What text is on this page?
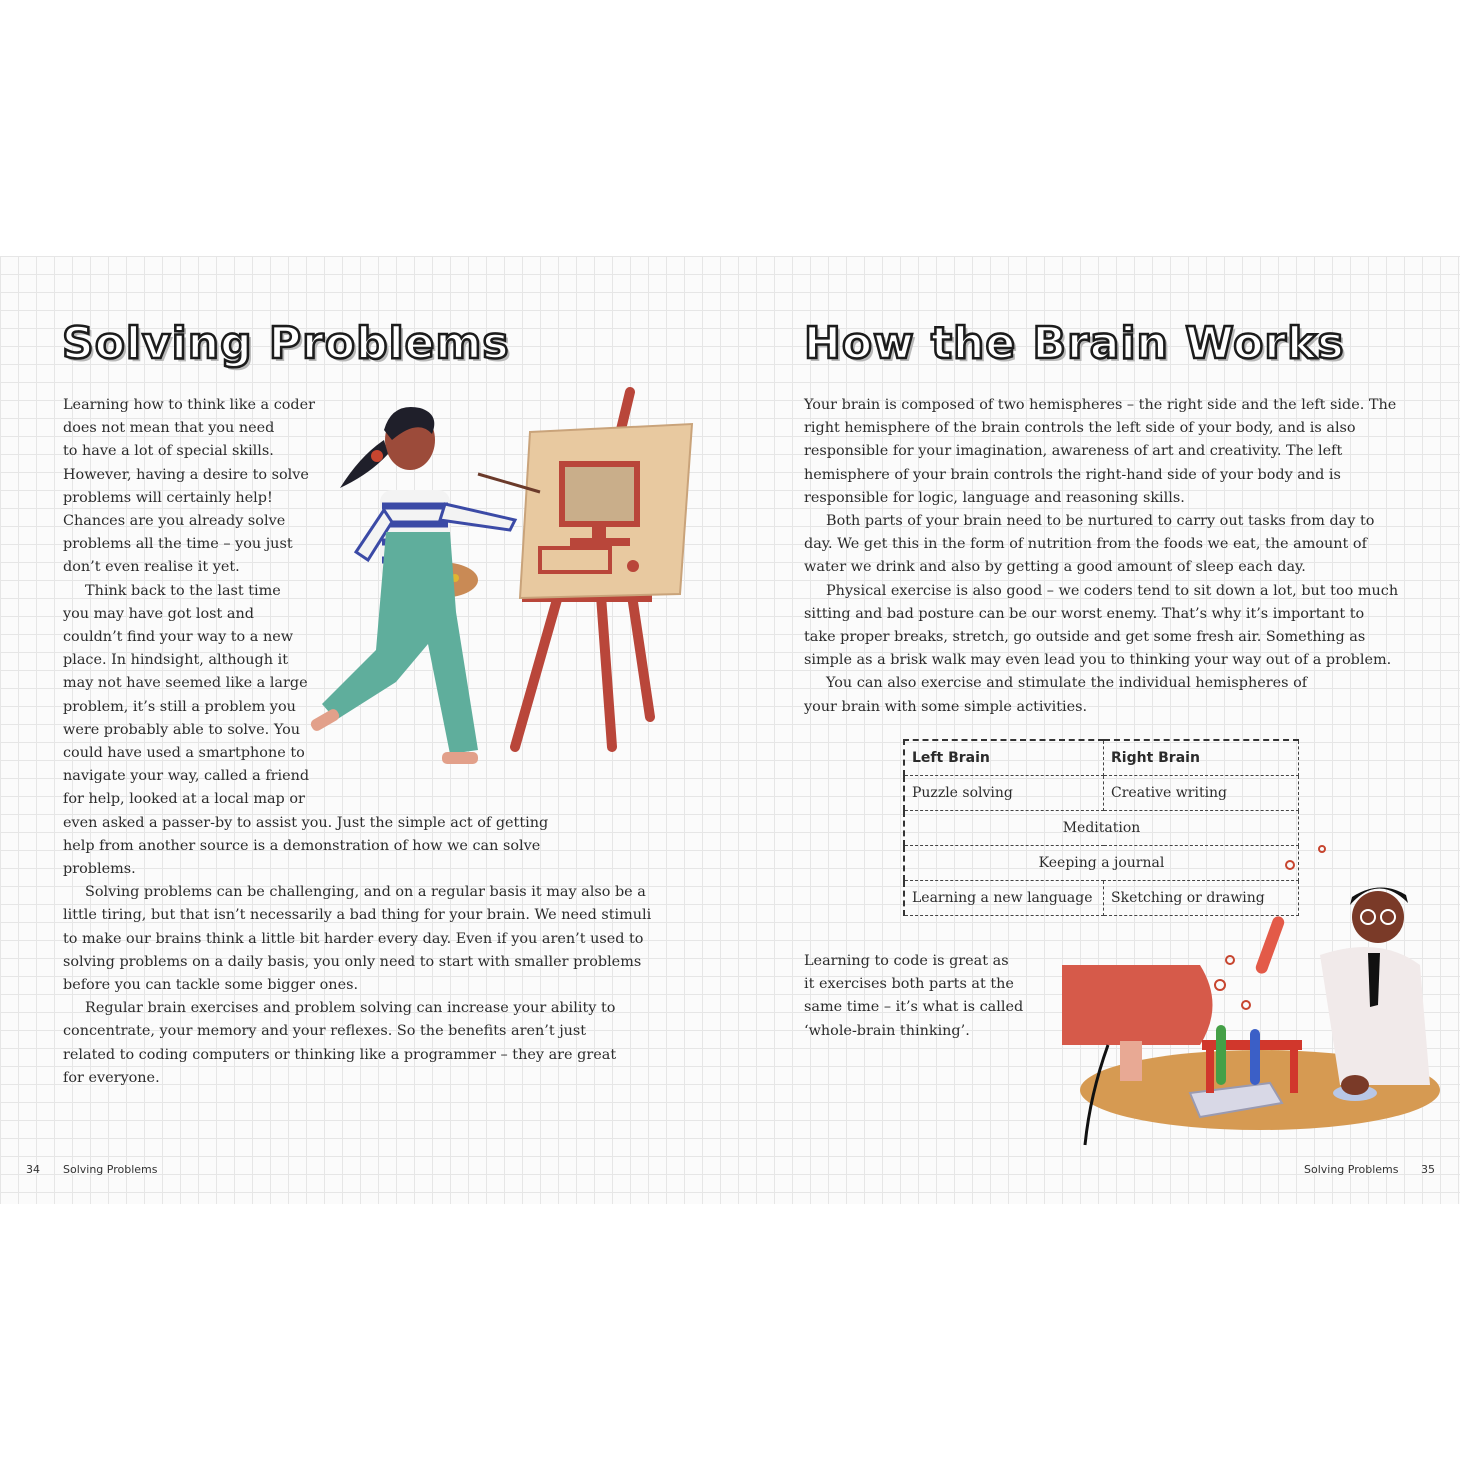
Solving Problems

Learning how to think like a coder
does not mean that you need
to have a lot of special skills.
However, having a desire to solve
problems will certainly help!
Chances are you already solve
problems all the time – you just
don’t even realise it yet.

Think back to the last time
you may have got lost and
couldn’t find your way to a new
place. In hindsight, although it
may not have seemed like a large
problem, it’s still a problem you
were probably able to solve. You
could have used a smartphone to
navigate your way, called a friend
for help, looked at a local map or
even asked a passer-by to assist you. Just the simple act of getting help from another source is a demonstration of how we can solve problems.

Solving problems can be challenging, and on a regular basis it may also be a little tiring, but that isn’t necessarily a bad thing for your brain. We need stimuli to make our brains think a little bit harder every day. Even if you aren’t used to solving problems on a daily basis, you only need to start with smaller problems before you can tackle some bigger ones.

Regular brain exercises and problem solving can increase your ability to concentrate, your memory and your reflexes. So the benefits aren’t just related to coding computers or thinking like a programmer – they are great for everyone.

34 Solving Problems
How the Brain Works

Your brain is composed of two hemispheres – the right side and the left side. The right hemisphere of the brain controls the left side of your body, and is also responsible for your imagination, awareness of art and creativity. The left hemisphere of your brain controls the right-hand side of your body and is responsible for logic, language and reasoning skills.

Both parts of your brain need to be nurtured to carry out tasks from day to day. We get this in the form of nutrition from the foods we eat, the amount of water we drink and also by getting a good amount of sleep each day.

Physical exercise is also good – we coders tend to sit down a lot, but too much sitting and bad posture can be our worst enemy. That’s why it’s important to take proper breaks, stretch, go outside and get some fresh air. Something as simple as a brisk walk may even lead you to thinking your way out of a problem.

You can also exercise and stimulate the individual hemispheres of your brain with some simple activities.

Left Brain	Right Brain
Puzzle solving	Creative writing
Meditation	
Keeping a journal	
Learning a new language	Sketching or drawing
Learning to code is great as
it exercises both parts at the
same time – it’s what is called
‘whole-brain thinking’.
Solving Problems 35
